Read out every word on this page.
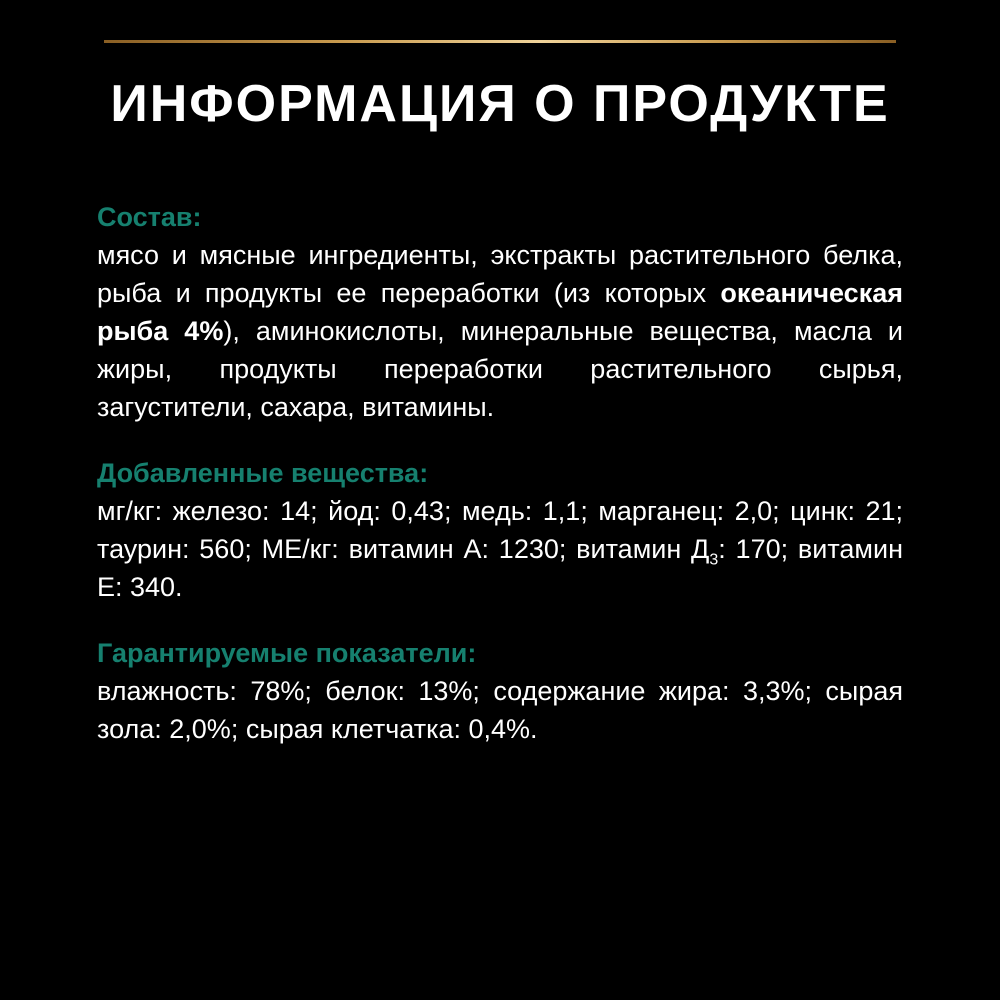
ИНФОРМАЦИЯ О ПРОДУКТЕ
Состав:
мясо и мясные ингредиенты, экстракты растительного белка, рыба и продукты ее переработки (из которых океаническая рыба 4%), аминокислоты, минеральные вещества, масла и жиры, продукты переработки растительного сырья, загустители, сахара, витамины.
Добавленные вещества:
мг/кг: железо: 14; йод: 0,43; медь: 1,1; марганец: 2,0; цинк: 21; таурин: 560; МЕ/кг: витамин А: 1230; витамин $Д_3$: 170; витамин Е: 340.
Гарантируемые показатели:
влажность: 78%; белок: 13%; содержание жира: 3,3%; сырая зола: 2,0%; сырая клетчатка: 0,4%.
